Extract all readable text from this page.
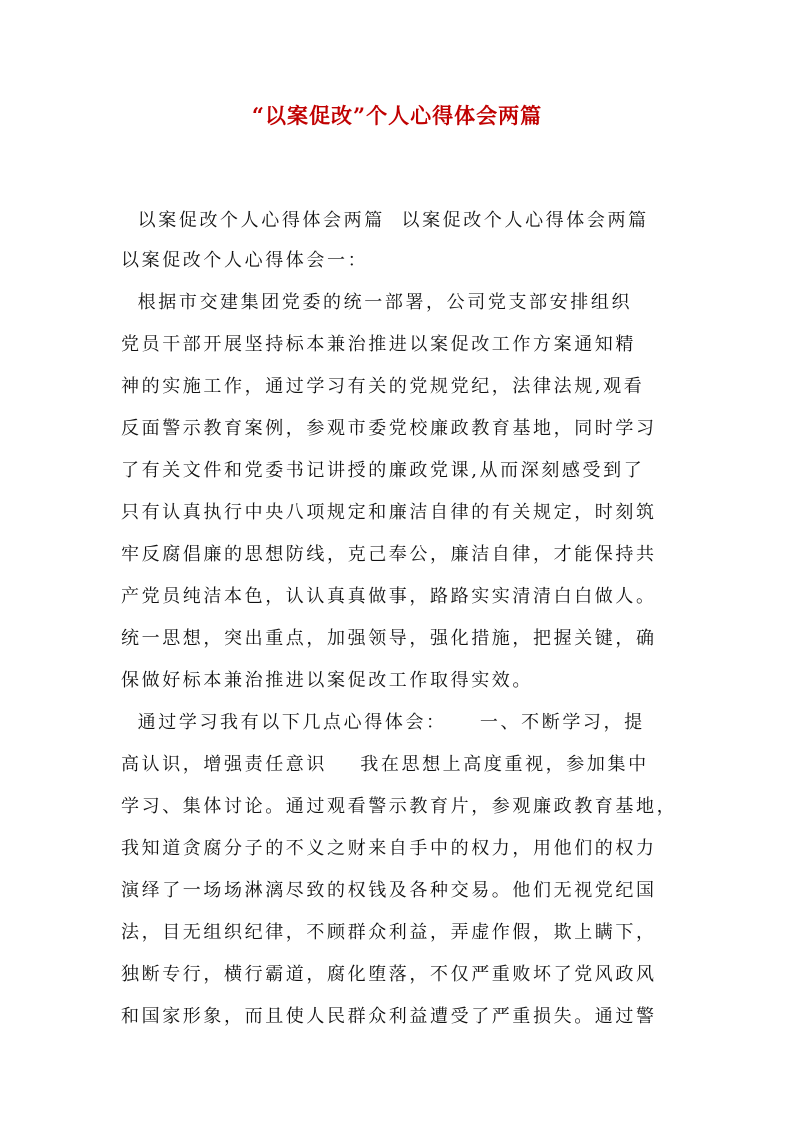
“以案促改”个人心得体会两篇
以案促改个人心得体会两篇  以案促改个人心得体会两篇
以案促改个人心得体会一：
根据市交建集团党委的统一部署，公司党支部安排组织
党员干部开展坚持标本兼治推进以案促改工作方案通知精
神的实施工作，通过学习有关的党规党纪，法律法规,观看
反面警示教育案例，参观市委党校廉政教育基地，同时学习
了有关文件和党委书记讲授的廉政党课,从而深刻感受到了
只有认真执行中央八项规定和廉洁自律的有关规定，时刻筑
牢反腐倡廉的思想防线，克己奉公，廉洁自律，才能保持共
产党员纯洁本色，认认真真做事，路路实实清清白白做人。
统一思想，突出重点，加强领导，强化措施，把握关键，确
保做好标本兼治推进以案促改工作取得实效。
通过学习我有以下几点心得体会：    一、不断学习，提
高认识，增强责任意识    我在思想上高度重视，参加集中
学习、集体讨论。通过观看警示教育片，参观廉政教育基地，
我知道贪腐分子的不义之财来自手中的权力，用他们的权力
演绎了一场场淋漓尽致的权钱及各种交易。他们无视党纪国
法，目无组织纪律，不顾群众利益，弄虚作假，欺上瞒下，
独断专行，横行霸道，腐化堕落，不仅严重败坏了党风政风
和国家形象，而且使人民群众利益遭受了严重损失。通过警
